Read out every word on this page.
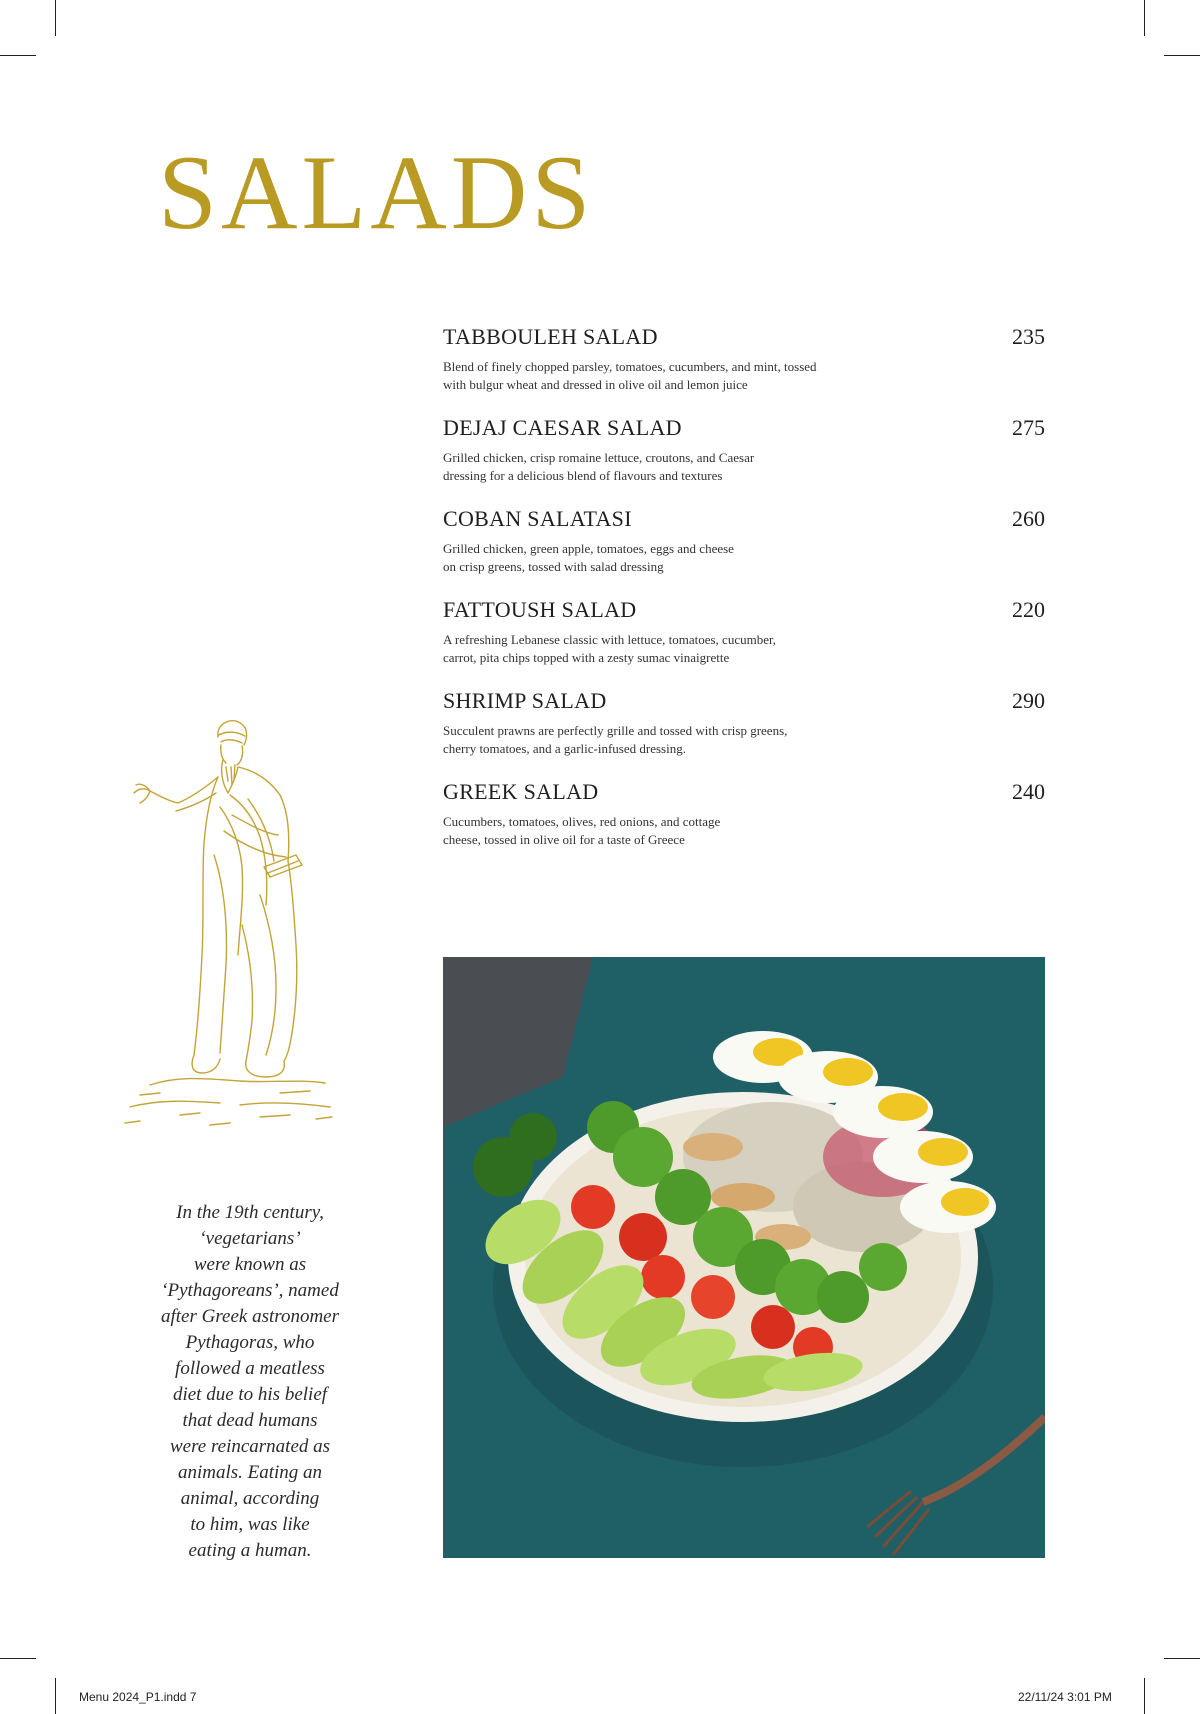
SALADS
TABBOULEH SALAD	235
Blend of finely chopped parsley, tomatoes, cucumbers, and mint, tossed
with bulgur wheat and dressed in olive oil and lemon juice
DEJAJ CAESAR SALAD	275
Grilled chicken, crisp romaine lettuce, croutons, and Caesar
dressing for a delicious blend of flavours and textures
COBAN SALATASI	260
Grilled chicken, green apple, tomatoes, eggs and cheese
on crisp greens, tossed with salad dressing
FATTOUSH SALAD	220
A refreshing Lebanese classic with lettuce, tomatoes, cucumber,
carrot, pita chips topped with a zesty sumac vinaigrette
SHRIMP SALAD	290
Succulent prawns are perfectly grille and tossed with crisp greens,
cherry tomatoes, and a garlic-infused dressing.
GREEK SALAD	240
Cucumbers, tomatoes, olives, red onions, and cottage
cheese, tossed in olive oil for a taste of Greece
In the 19th century,
‘vegetarians’
were known as
‘Pythagoreans’, named
after Greek astronomer
Pythagoras, who
followed a meatless
diet due to his belief
that dead humans
were reincarnated as
animals. Eating an
animal, according
to him, was like
eating a human.
Menu 2024_P1.indd 7	22/11/24 3:01 PM
